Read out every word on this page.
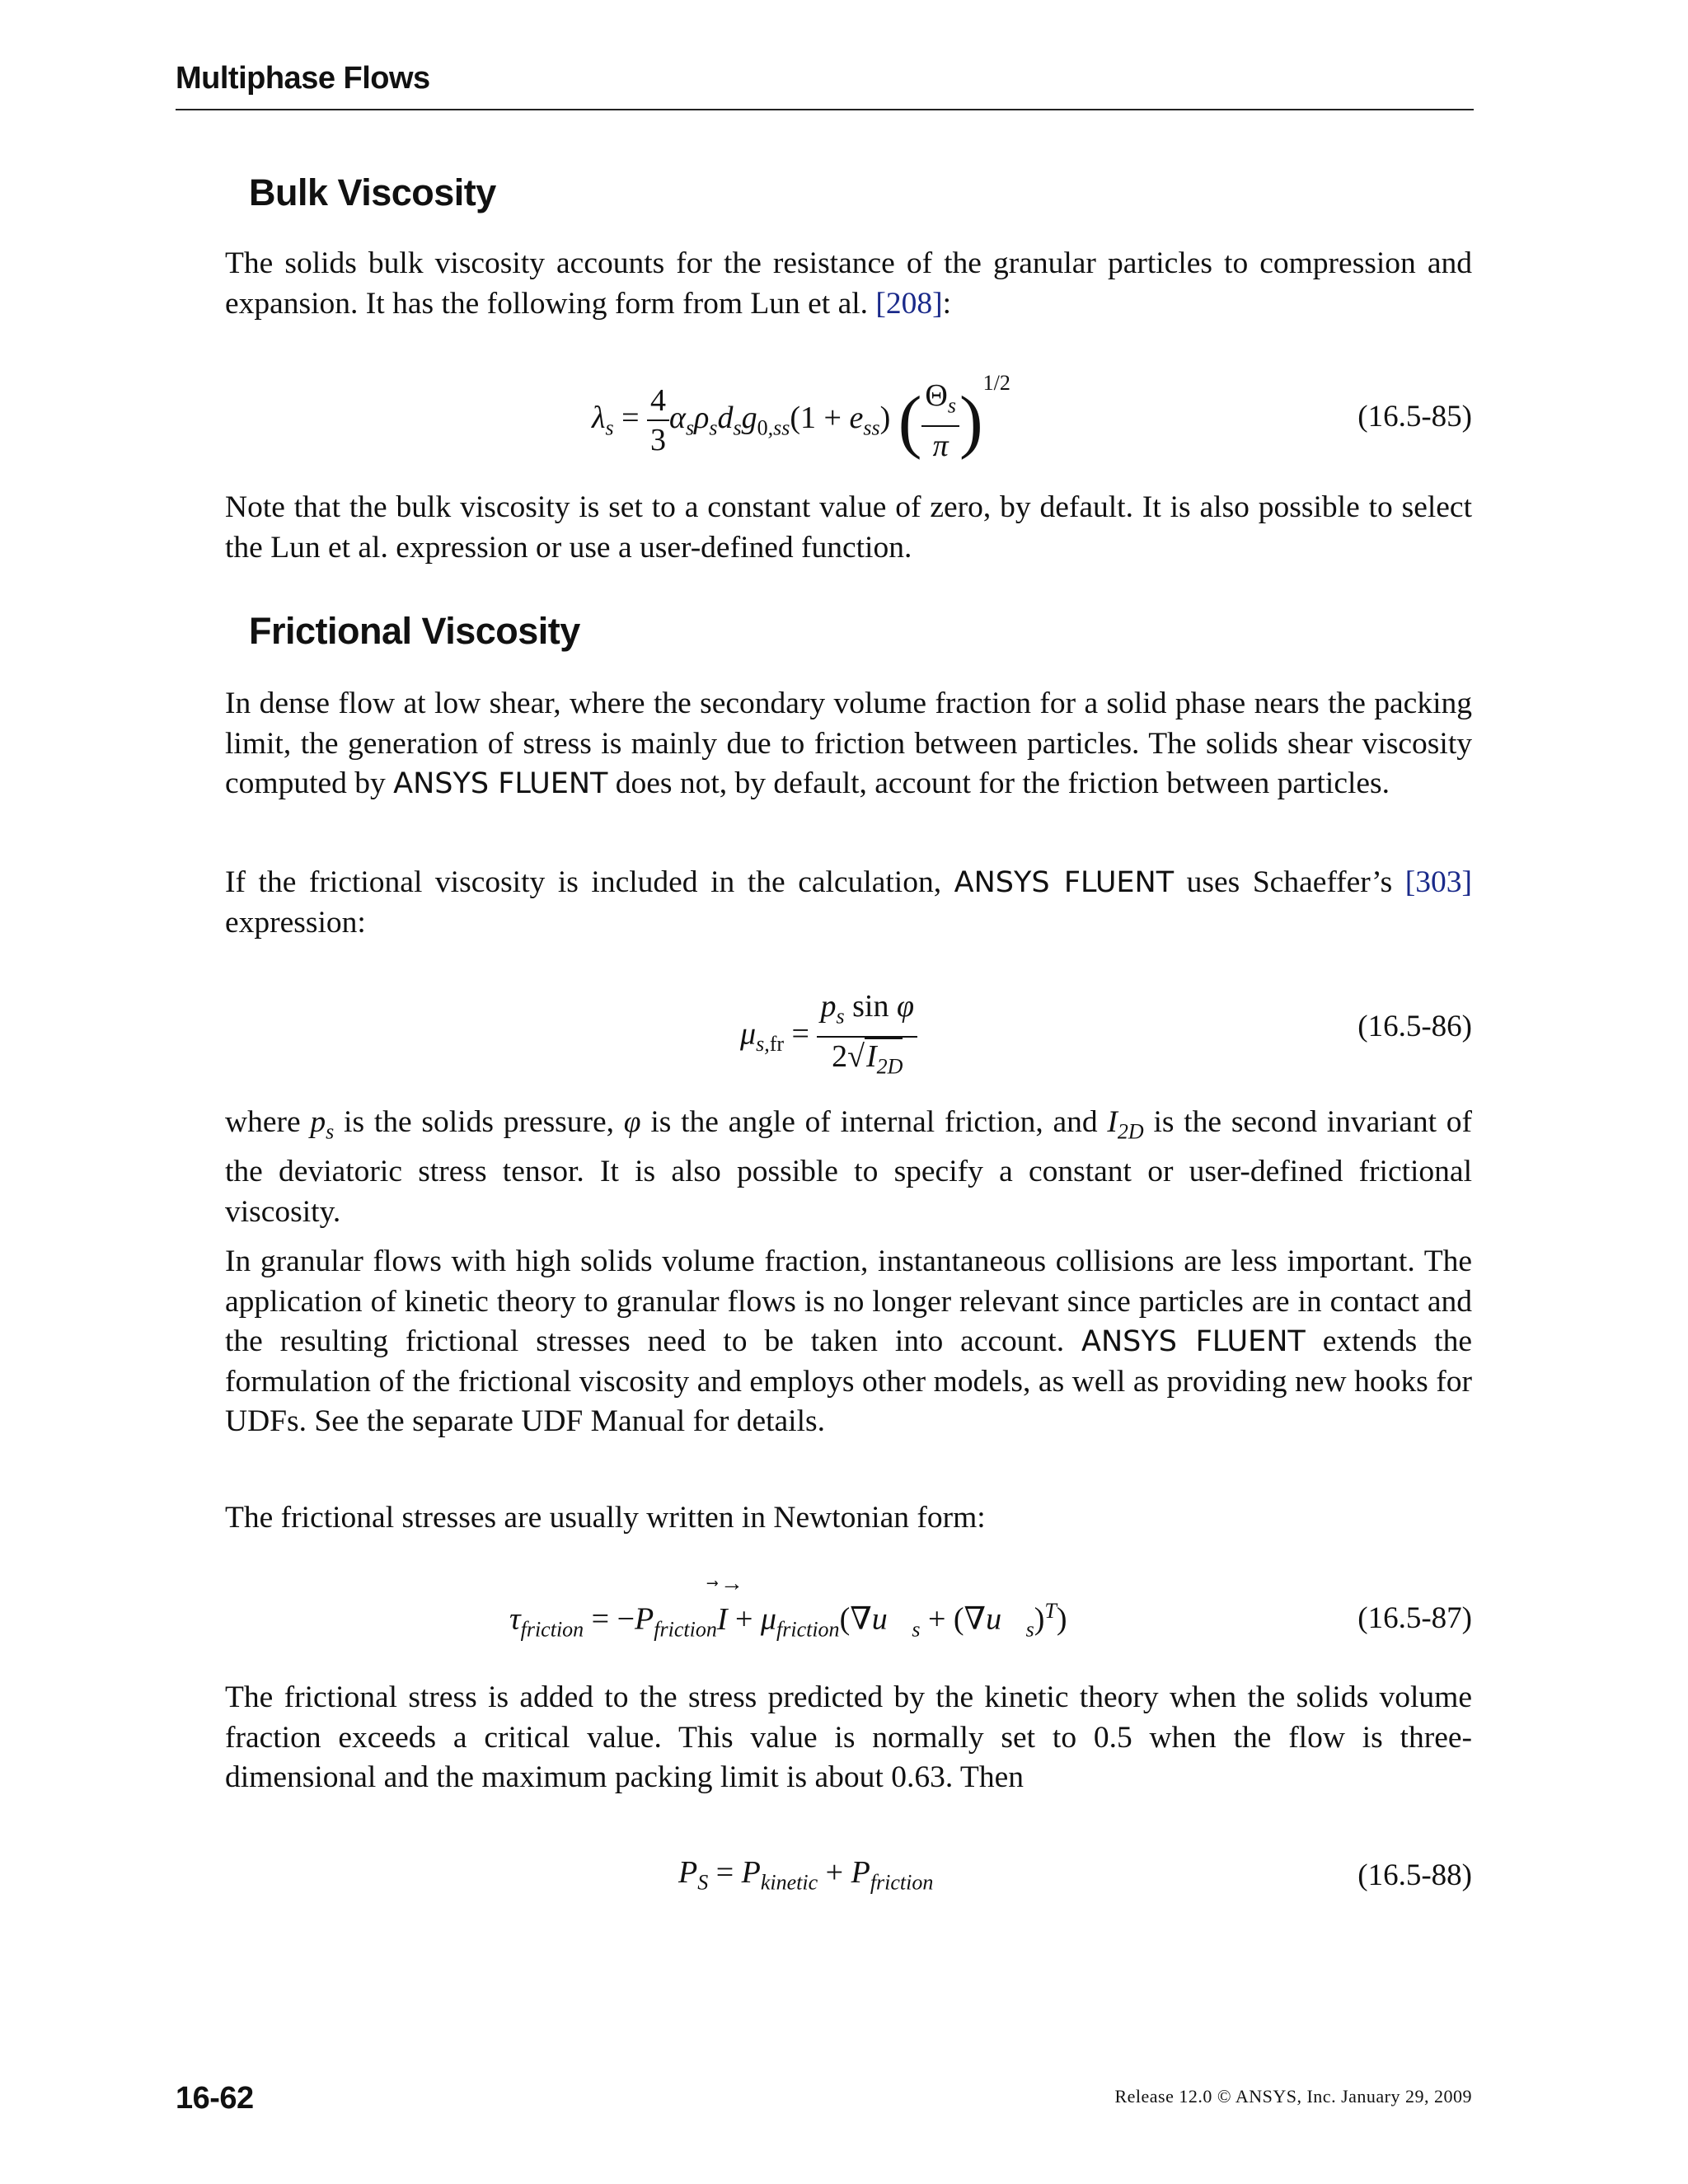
Multiphase Flows
Bulk Viscosity
The solids bulk viscosity accounts for the resistance of the granular particles to compression and expansion. It has the following form from Lun et al. [208]:
$\lambda_s = \frac{4}{3} \alpha_s\rho_sd_sg_{0,ss}(1 + e_{ss})$ ( $\frac{\Theta_s}{\pi} )^{1/2}$
(16.5-85)
Note that the bulk viscosity is set to a constant value of zero, by default. It is also possible to select the Lun et al. expression or use a user-defined function.
Frictional Viscosity
In dense flow at low shear, where the secondary volume fraction for a solid phase nears the packing limit, the generation of stress is mainly due to friction between particles. The solids shear viscosity computed by ANSYS FLUENT does not, by default, account for the friction between particles.
If the frictional viscosity is included in the calculation, ANSYS FLUENT uses Schaeffer’s [303] expression:
$\mu_{s,fr} = \frac{p_s \sin \varphi}{2√I_{2D}}$	(16.5-86)
where $p_s$ is the solids pressure, φ is the angle of internal friction, and $I_{2D}$ is the second invariant of the deviatoric stress tensor. It is also possible to specify a constant or user-defined frictional viscosity.
In granular flows with high solids volume fraction, instantaneous collisions are less important. The application of kinetic theory to granular flows is no longer relevant since particles are in contact and the resulting frictional stresses need to be taken into account. ANSYS FLUENT extends the formulation of the frictional viscosity and employs other models, as well as providing new hooks for UDFs. See the separate UDF Manual for details.
The frictional stresses are usually written in Newtonian form:
$\tau_{friction} = -P_{friction}I$
→
+ $\mu_{friction}(\nabla u⃗_s$ + $(\nabla u⃗_s)^T$)	(16.5-87)
The frictional stress is added to the stress predicted by the kinetic theory when the solids volume fraction exceeds a critical value. This value is normally set to 0.5 when the flow is three-dimensional and the maximum packing limit is about 0.63. Then
$P_S = P_{kinetic} + P_{friction}$	(16.5-88)
16-62	Release 12.0 © ANSYS, Inc. January 29, 2009
